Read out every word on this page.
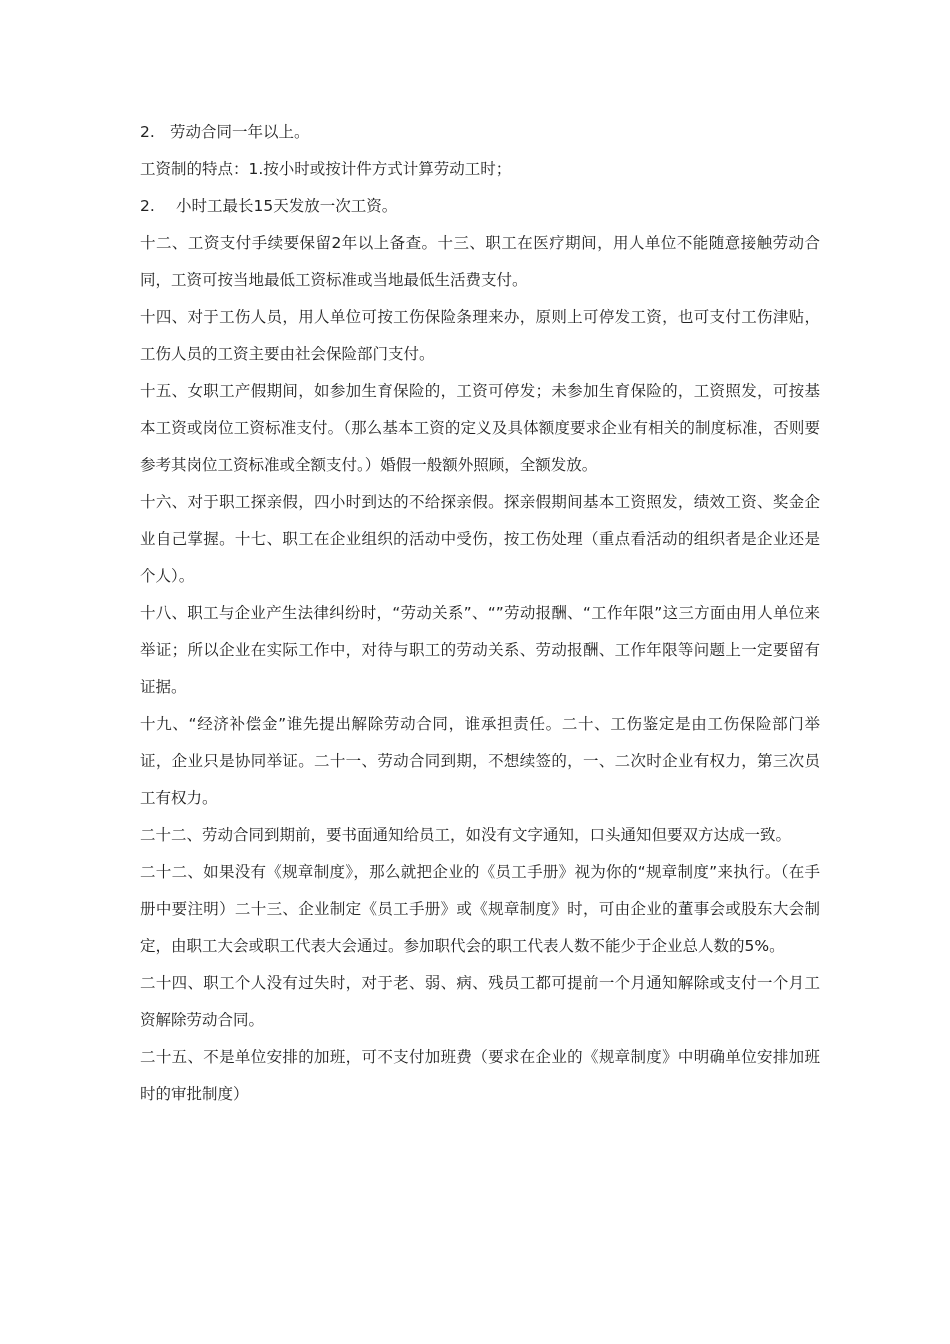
2. 劳动合同一年以上。

工资制的特点：1.按小时或按计件方式计算劳动工时；

2. 小时工最长15天发放一次工资。

十二、工资支付手续要保留2年以上备查。十三、职工在医疗期间，用人单位不能随意接触劳动合同，工资可按当地最低工资标准或当地最低生活费支付。

十四、对于工伤人员，用人单位可按工伤保险条理来办，原则上可停发工资，也可支付工伤津贴，工伤人员的工资主要由社会保险部门支付。

十五、女职工产假期间，如参加生育保险的，工资可停发；未参加生育保险的，工资照发，可按基本工资或岗位工资标准支付。（那么基本工资的定义及具体额度要求企业有相关的制度标准，否则要参考其岗位工资标准或全额支付。）婚假一般额外照顾，全额发放。

十六、对于职工探亲假，四小时到达的不给探亲假。探亲假期间基本工资照发，绩效工资、奖金企业自己掌握。十七、职工在企业组织的活动中受伤，按工伤处理（重点看活动的组织者是企业还是个人）。

十八、职工与企业产生法律纠纷时，“劳动关系”、“”劳动报酬、“工作年限”这三方面由用人单位来举证；所以企业在实际工作中，对待与职工的劳动关系、劳动报酬、工作年限等问题上一定要留有证据。

十九、“经济补偿金”谁先提出解除劳动合同，谁承担责任。二十、工伤鉴定是由工伤保险部门举证，企业只是协同举证。二十一、劳动合同到期，不想续签的，一、二次时企业有权力，第三次员工有权力。

二十二、劳动合同到期前，要书面通知给员工，如没有文字通知，口头通知但要双方达成一致。

二十二、如果没有《规章制度》，那么就把企业的《员工手册》视为你的“规章制度”来执行。（在手册中要注明）二十三、企业制定《员工手册》或《规章制度》时，可由企业的董事会或股东大会制定，由职工大会或职工代表大会通过。参加职代会的职工代表人数不能少于企业总人数的5%。

二十四、职工个人没有过失时，对于老、弱、病、残员工都可提前一个月通知解除或支付一个月工资解除劳动合同。

二十五、不是单位安排的加班，可不支付加班费（要求在企业的《规章制度》中明确单位安排加班时的审批制度）
